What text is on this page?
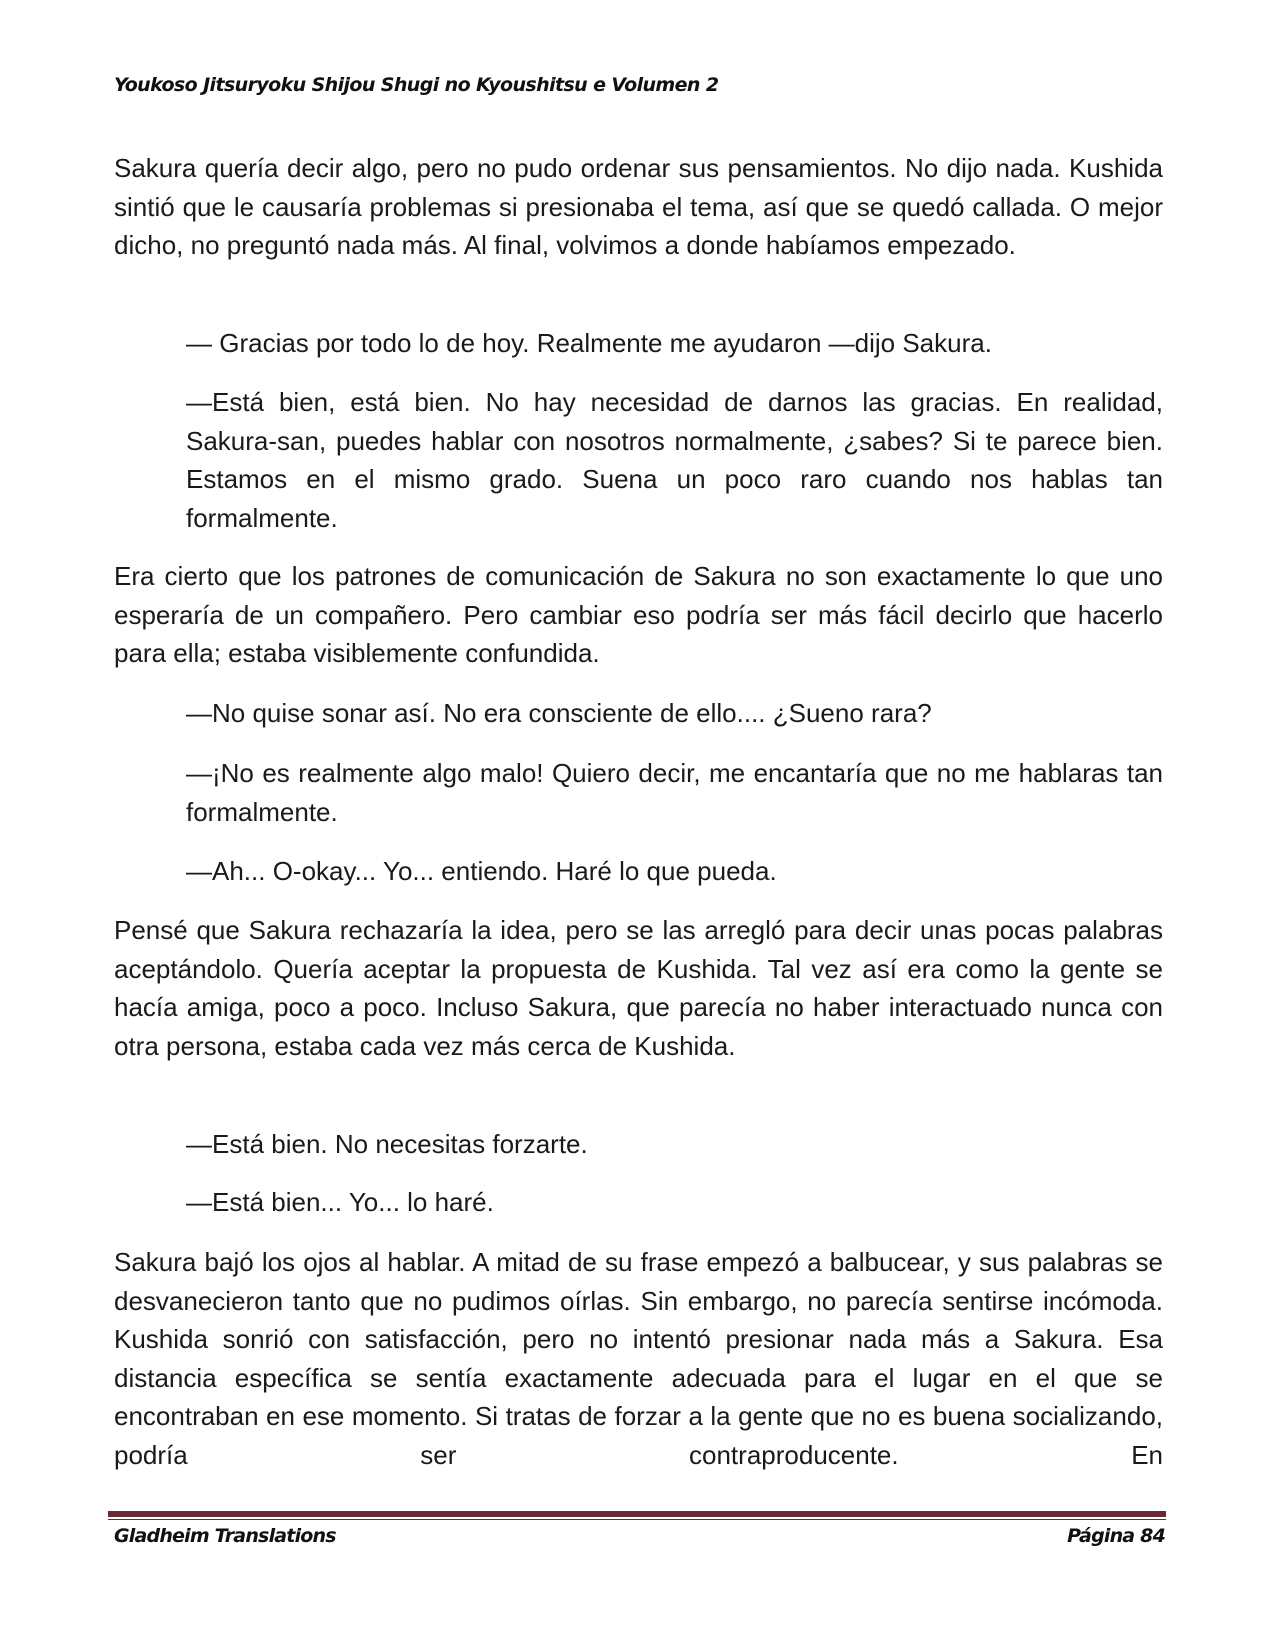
Youkoso Jitsuryoku Shijou Shugi no Kyoushitsu e Volumen 2

Sakura quería decir algo, pero no pudo ordenar sus pensamientos. No dijo nada. Kushida sintió que le causaría problemas si presionaba el tema, así que se quedó callada. O mejor dicho, no preguntó nada más. Al final, volvimos a donde habíamos empezado.

— Gracias por todo lo de hoy. Realmente me ayudaron —dijo Sakura.

—Está bien, está bien. No hay necesidad de darnos las gracias. En realidad, Sakura-san, puedes hablar con nosotros normalmente, ¿sabes? Si te parece bien. Estamos en el mismo grado. Suena un poco raro cuando nos hablas tan formalmente.

Era cierto que los patrones de comunicación de Sakura no son exactamente lo que uno esperaría de un compañero. Pero cambiar eso podría ser más fácil decirlo que hacerlo para ella; estaba visiblemente confundida.

—No quise sonar así. No era consciente de ello.... ¿Sueno rara?

—¡No es realmente algo malo! Quiero decir, me encantaría que no me hablaras tan formalmente.

—Ah... O-okay... Yo... entiendo. Haré lo que pueda.

Pensé que Sakura rechazaría la idea, pero se las arregló para decir unas pocas palabras aceptándolo. Quería aceptar la propuesta de Kushida. Tal vez así era como la gente se hacía amiga, poco a poco. Incluso Sakura, que parecía no haber interactuado nunca con otra persona, estaba cada vez más cerca de Kushida.

—Está bien. No necesitas forzarte.

—Está bien... Yo... lo haré.

Sakura bajó los ojos al hablar. A mitad de su frase empezó a balbucear, y sus palabras se desvanecieron tanto que no pudimos oírlas. Sin embargo, no parecía sentirse incómoda. Kushida sonrió con satisfacción, pero no intentó presionar nada más a Sakura. Esa distancia específica se sentía exactamente adecuada para el lugar en el que se encontraban en ese momento. Si tratas de forzar a la gente que no es buena socializando, podría ser contraproducente. En

Gladheim Translations	Página 84
